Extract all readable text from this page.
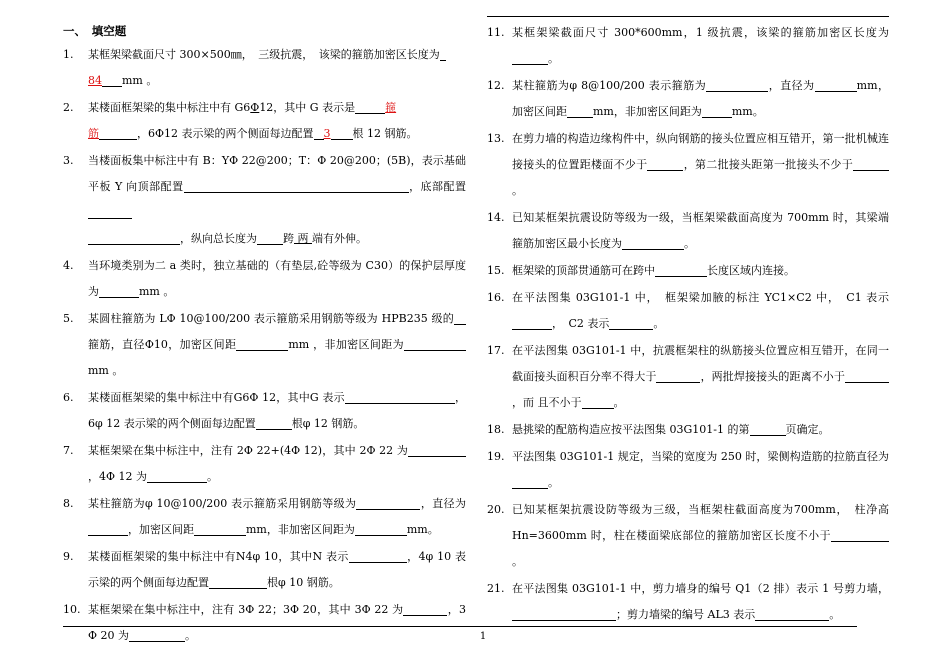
一、　填空题
1. 某框架梁截面尺寸 300×500㎜，　三级抗震，　该梁的箍筋加密区长度为
84 mm 。
2. 某楼面框架梁的集中标注中有 G6Φ12，其中 G 表示是	箍
筋	，6Φ12 表示梁的两个侧面每边配置 3 根 12 钢筋。
3. 当楼面板集中标注中有 B：YΦ 22@200；T：Φ 20@200；(5B)，表示基础平板 Y 向顶部配置	，底部配置
，纵向总长度为 跨 两 端有外伸。
4. 当环境类别为二 a 类时，独立基础的（有垫层,砼等级为 C30）的保护层厚度为	mm 。
5. 某圆柱箍筋为 LΦ 10@100/200 表示箍筋采用钢筋等级为 HPB235 级的箍筋，直径Φ10，加密区间距	mm ，非加密区间距为mm 。
6. 某楼面框架梁的集中标注中有G6Φ 12，其中G 表示	，6φ 12 表示梁的两个侧面每边配置	根φ 12 钢筋。
7. 某框架梁在集中标注中，注有 2Φ 22+(4Φ 12)，其中 2Φ 22 为，4Φ 12 为	。
8. 某柱箍筋为φ 10@100/200 表示箍筋采用钢筋等级为	，直径为，加密区间距	mm，非加密区间距为	mm。
9. 某楼面框架梁的集中标注中有N4φ 10，其中N 表示	，4φ 10 表示梁的两个侧面每边配置	根φ 10 钢筋。
10. 某框架梁在集中标注中，注有 3Φ 22；3Φ 20，其中 3Φ 22 为	，3 Φ 20 为	。
11. 某框架梁截面尺寸 300*600mm，1 级抗震，该梁的箍筋加密区长度为。
12. 某柱箍筋为φ 8@100/200 表示箍筋为	，直径为	mm，加密区间距 mm，非加密区间距为	mm。
13. 在剪力墙的构造边缘构件中，纵向钢筋的接头位置应相互错开，第一批机械连接接头的位置距楼面不少于	，第二批接头距第一批接头不少于。
14. 已知某框架抗震设防等级为一级，当框架梁截面高度为 700mm 时，其梁端箍筋加密区最小长度为	。
15. 框架梁的顶部贯通筋可在跨中	长度区域内连接。
16. 在平法图集 03G101-1 中，　框架梁加腋的标注 YC1×C2 中，　C1 表示，　C2 表示	。
17. 在平法图集 03G101-1 中，抗震框架柱的纵筋接头位置应相互错开，在同一截面接头面积百分率不得大于	，两批焊接接头的距离不小于，而 且不小于	。
18. 悬挑梁的配筋构造应按平法图集 03G101-1 的第	页确定。
19. 平法图集 03G101-1 规定，当梁的宽度为 250 时，梁侧构造筋的拉筋直径为。
20. 已知某框架抗震设防等级为三级，当框架柱截面高度为700mm，　柱净高 Hn=3600mm 时，柱在楼面梁底部位的箍筋加密区长度不小于。
21. 在平法图集 03G101-1 中，剪力墙身的编号 Q1（2 排）表示 1 号剪力墙，；剪力墙梁的编号 AL3 表示	。
1
